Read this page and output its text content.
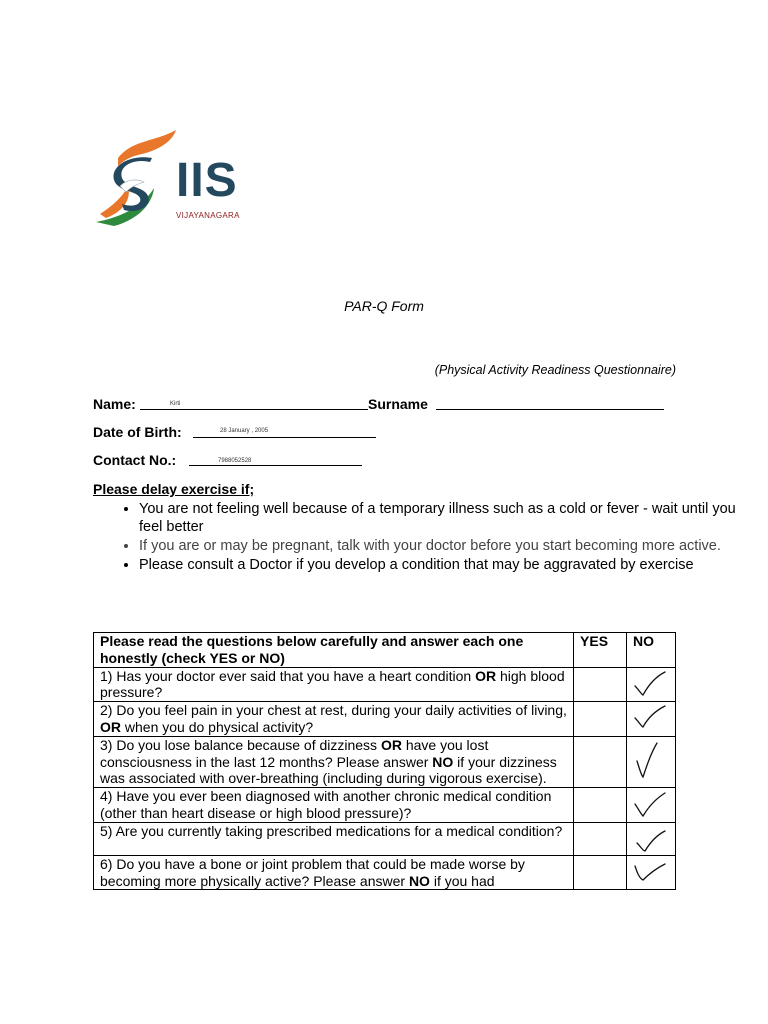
IIS
VIJAYANAGARA
PAR-Q Form
(Physical Activity Readiness Questionnaire)
Name:	Kirti	Surname
Date of Birth:	28 January , 2005
Contact No.:	7988052528
Please delay exercise if;
• You are not feeling well because of a temporary illness such as a cold or fever - wait until you feel better
• If you are or may be pregnant, talk with your doctor before you start becoming more active.
• Please consult a Doctor if you develop a condition that may be aggravated by exercise
Please read the questions below carefully and answer each one honestly (check YES or NO)	YES	NO
1) Has your doctor ever said that you have a heart condition OR high blood pressure?		

2) Do you feel pain in your chest at rest, during your daily activities of living, OR when you do physical activity?		

3) Do you lose balance because of dizziness OR have you lost consciousness in the last 12 months? Please answer NO if your dizziness was associated with over-breathing (including during vigorous exercise).		

4) Have you ever been diagnosed with another chronic medical condition (other than heart disease or high blood pressure)?		

5) Are you currently taking prescribed medications for a medical condition?		

6) Do you have a bone or joint problem that could be made worse by becoming more physically active? Please answer NO if you had		
